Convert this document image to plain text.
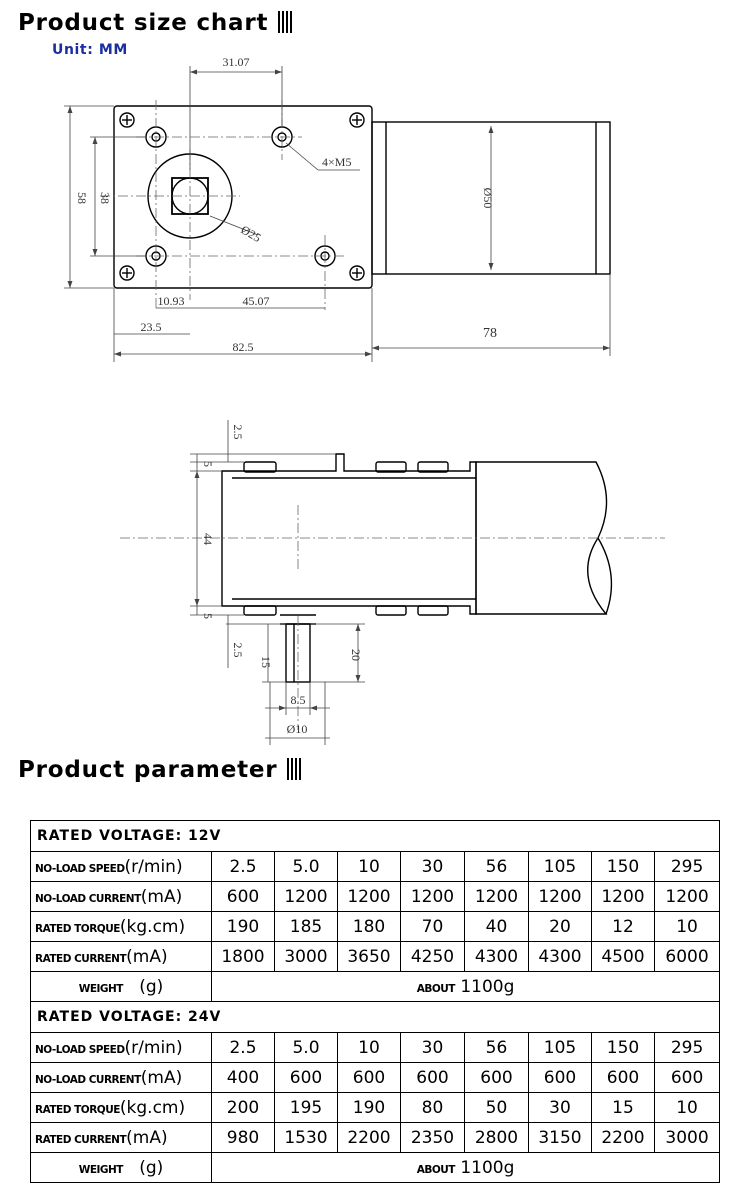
Product size chart
Unit: MM
31.07
58 38
4×M5
Ø25
Ø50
10.93	45.07
23.5	78
82.5
2.5
5
44
5
2.5
15
20
8.5
Ø10
Product parameter
RATED VOLTAGE: 12V								
NO-LOAD SPEED(r/min)	2.5	5.0	10	30	56	105	150	295
NO-LOAD CURRENT(mA)	600	1200	1200	1200	1200	1200	1200	1200
RATED TORQUE(kg.cm)	190	185	180	70	40	20	12	10
RATED CURRENT(mA)	1800	3000	3650	4250	4300	4300	4500	6000
WEIGHT (g)	ABOUT 1100g							
RATED VOLTAGE: 24V								
NO-LOAD SPEED(r/min)	2.5	5.0	10	30	56	105	150	295
NO-LOAD CURRENT(mA)	400	600	600	600	600	600	600	600
RATED TORQUE(kg.cm)	200	195	190	80	50	30	15	10
RATED CURRENT(mA)	980	1530	2200	2350	2800	3150	2200	3000
WEIGHT (g)	ABOUT 1100g							
